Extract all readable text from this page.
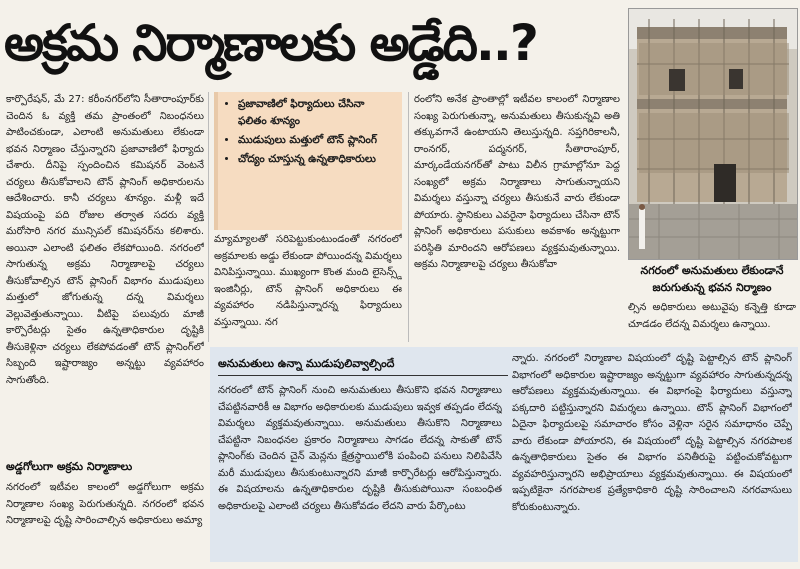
అక్రమ నిర్మాణాలకు అడ్డేది..?
నగరంలో అనుమతులు లేకుండానే జరుగుతున్న భవన నిర్మాణం

కార్పొరేషన్, మే 27: కరీంనగర్‌లోని సీతారాంపూర్‌కు చెందిన ఓ వ్యక్తి తమ ప్రాంతంలో నిబంధనలు పాటించకుండా, ఎలాంటి అనుమతులు లేకుండా భవన నిర్మాణం చేస్తున్నారని ప్రజావాణిలో ఫిర్యాదు చేశారు. దీనిపై స్పందించిన కమిషనర్ వెంటనే చర్యలు తీసుకోవాలని టౌన్ ప్లానింగ్ అధికారులను ఆదేశించారు. కానీ చర్యలు శూన్యం. మళ్లీ ఇదే విషయంపై పది రోజుల తర్వాత సదరు వ్యక్తి మరోసారి నగర మున్సిపల్ కమిషనర్‌ను కలిశారు. అయినా ఎలాంటి ఫలితం లేకపోయింది. నగరంలో సాగుతున్న అక్రమ నిర్మాణాలపై చర్యలు తీసుకోవాల్సిన టౌన్ ప్లానింగ్ విభాగం ముడుపులు మత్తులో జోగుతున్న దన్న విమర్శలు వెల్లువెత్తుతున్నాయి. వీటిపై పలువురు మాజీ కార్పొరేటర్లు సైతం ఉన్నతాధికారుల దృష్టికి తీసుకెళ్లినా చర్యలు లేకపోవడంతో టౌన్ ప్లానింగ్‌లో సిబ్బంది ఇష్టారాజ్యం అన్నట్టు వ్యవహారం సాగుతోంది.

అడ్డగోలుగా అక్రమ నిర్మాణాలు

నగరంలో ఇటీవల కాలంలో అడ్డగోలుగా అక్రమ నిర్మాణాల సంఖ్య పెరుగుతున్నది. నగరంలో భవన నిర్మాణాలపై దృష్టి సారించాల్సిన అధికారులు అమ్యా

• ప్రజావాణిలో ఫిర్యాదులు చేసినా ఫలితం శూన్యం
• ముడుపులు మత్తులో టౌన్ ప్లానింగ్
• చోద్యం చూస్తున్న ఉన్నతాధికారులు

మ్యామ్యాలతో సరిపెట్టుకుంటుండంతో నగరంలో అక్రమాలకు అడ్డు లేకుండా పోయిందన్న విమర్శలు వినిపిస్తున్నాయి. ముఖ్యంగా కొంత మంది లైసెన్స్డ్ ఇంజినీర్లు, టౌన్ ప్లానింగ్ అధికారులు ఈ వ్యవహారం నడిపిస్తున్నారన్న ఫిర్యాదులు వస్తున్నాయి. నగ

రంలోని అనేక ప్రాంతాల్లో ఇటీవల కాలంలో నిర్మాణాల సంఖ్య పెరుగుతున్నా, అనుమతులు తీసుకున్నవి అతి తక్కువగానే ఉంటాయని తెలుస్తున్నది. సప్తగిరికాలనీ, రాంనగర్, పద్మనగర్, సీతారాంపూర్, మార్కండేయనగర్‌తో పాటు విలీన గ్రామాల్లోనూ పెద్ద సంఖ్యలో అక్రమ నిర్మాణాలు సాగుతున్నాయని విమర్శలు వస్తున్నా చర్యలు తీసుకునే వారు లేకుండా పోయారు. స్థానికులు ఎవరైనా ఫిర్యాదులు చేసినా టౌన్ ప్లానింగ్ అధికారులు పసుకులు అవకాశం అన్నట్టుగా పరిస్థితి మారిందని ఆరోపణలు వ్యక్తమవుతున్నాయి. అక్రమ నిర్మాణాలపై చర్యలు తీసుకోవా

ల్సిన అధికారులు అటువైపు కన్నెత్తి కూడా చూడడం లేదన్న విమర్శలు ఉన్నాయి.

అనుమతులు ఉన్నా ముడుపులివ్వాల్సిందే

నగరంలో టౌన్ ప్లానింగ్ నుంచి అనుమతులు తీసుకొని భవన నిర్మాణాలు చేపట్టినవారికీ ఆ విభాగం అధికారులకు ముడుపులు ఇవ్వక తప్పడం లేదన్న విమర్శలు వ్యక్తమవుతున్నాయి. అనుమతులు తీసుకొని నిర్మాణాలు చేపట్టినా నిబంధనల ప్రకారం నిర్మాణాలు సాగడం లేదన్న సాకుతో టౌన్ ప్లానింగ్‌కు చెందిన చైన్ మెన్లను క్షేత్రస్థాయిలోకి పంపించి పనులు నిలిపివేసి మరీ ముడుపులు తీసుకుంటున్నారని మాజీ కార్పొరేటర్లు ఆరోపిస్తున్నారు. ఈ విషయాలను ఉన్నతాధికారుల దృష్టికి తీసుకుపోయినా సంబంధిత అధికారులపై ఎలాంటి చర్యలు తీసుకోవడం లేదని వారు పేర్కొంటు

న్నారు. నగరంలో నిర్మాణాల విషయంలో దృష్టి పెట్టాల్సిన టౌన్ ప్లానింగ్ విభాగంలో అధికారుల ఇష్టారాజ్యం అన్నట్టుగా వ్యవహారం సాగుతున్నదన్న ఆరోపణలు వ్యక్తమవుతున్నాయి. ఈ విభాగంపై ఫిర్యాదులు వస్తున్నా పక్కదారి పట్టిస్తున్నారని విమర్శలు ఉన్నాయి. టౌన్ ప్లానింగ్ విభాగంలో ఏదైనా ఫిర్యాదులపై సమాచారం కోసం వెళ్లినా సరైన సమాధానం చెప్పే వారు లేకుండా పోయారని, ఈ విషయంలో దృష్టి పెట్టాల్సిన నగరపాలక ఉన్నతాధికారులు సైతం ఈ విభాగం పనితీరుపై పట్టించుకోవట్టుగా వ్యవహరిస్తున్నారని అభిప్రాయాలు వ్యక్తమవుతున్నాయి. ఈ విషయంలో ఇప్పటికైనా నగరపాలక ప్రత్యేకాధికారి దృష్టి సారించాలని నగరవాసులు కోరుకుంటున్నారు.
